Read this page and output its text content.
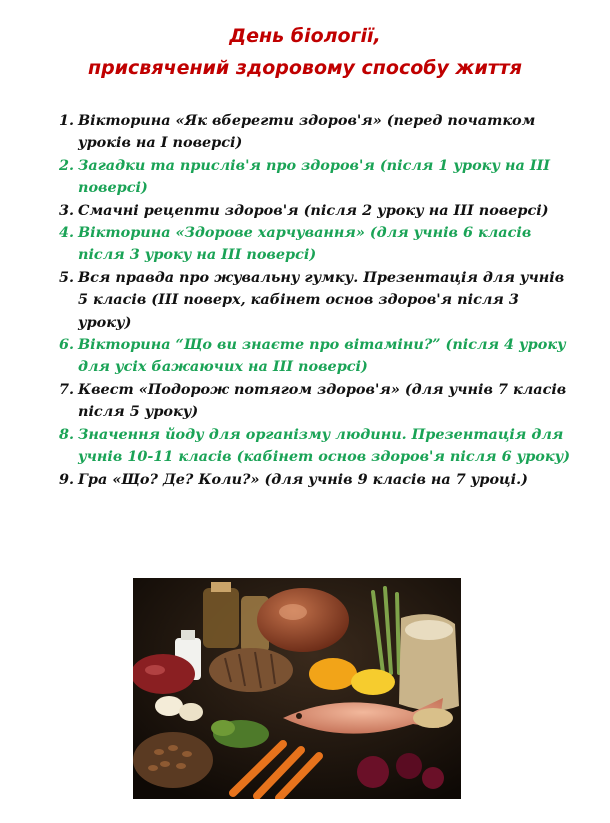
День біології,
присвячений здоровому способу життя
1. Вікторина «Як вберегти здоров'я» (перед початком уроків на І поверсі)
2. Загадки та прислів'я про здоров'я (після 1 уроку на ІІІ поверсі)
3. Смачні рецепти здоров'я (після 2 уроку на ІІІ поверсі)
4. Вікторина «Здорове харчування» (для учнів 6 класів після 3 уроку на ІІІ поверсі)
5. Вся правда про жувальну гумку. Презентація для учнів 5 класів (ІІІ поверх, кабінет основ здоров'я після 3 уроку)
6. Вікторина “Що ви знаєте про вітаміни?” (після 4 уроку для усіх бажаючих на ІІІ поверсі)
7. Квест «Подорож потягом здоров'я» (для учнів 7 класів після 5 уроку)
8. Значення йоду для організму людини. Презентація для учнів 10-11 класів (кабінет основ здоров'я після 6 уроку)
9. Гра «Що? Де? Коли?» (для учнів 9 класів на 7 уроці.)
